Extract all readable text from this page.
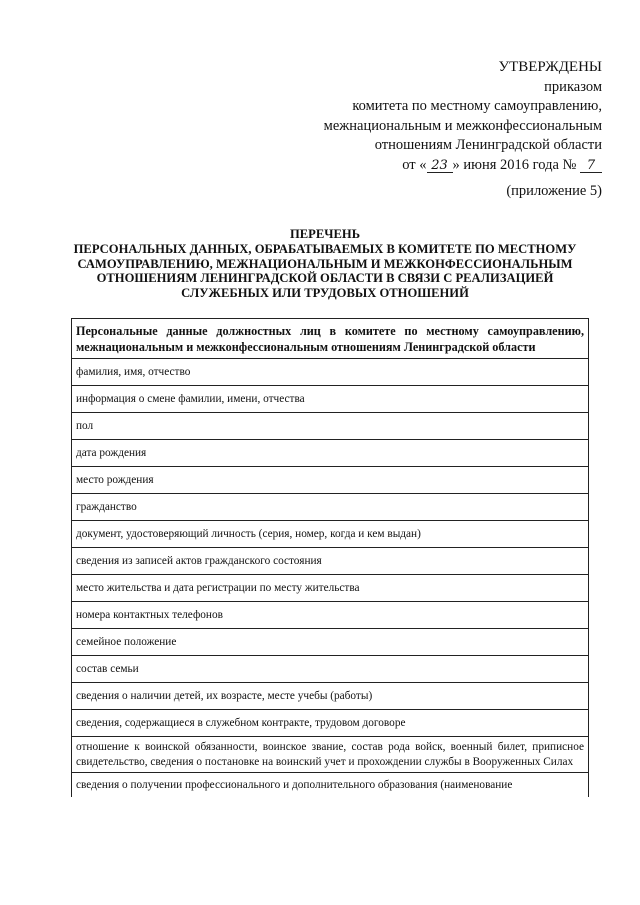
УТВЕРЖДЕНЫ
приказом
комитета по местному самоуправлению,
межнациональным и межконфессиональным
отношениям Ленинградской области
от « 23 » июня 2016 года № 7
(приложение 5)
ПЕРЕЧЕНЬ
ПЕРСОНАЛЬНЫХ ДАННЫХ, ОБРАБАТЫВАЕМЫХ В КОМИТЕТЕ ПО МЕСТНОМУ
САМОУПРАВЛЕНИЮ, МЕЖНАЦИОНАЛЬНЫМ И МЕЖКОНФЕССИОНАЛЬНЫМ
ОТНОШЕНИЯМ ЛЕНИНГРАДСКОЙ ОБЛАСТИ В СВЯЗИ С РЕАЛИЗАЦИЕЙ
СЛУЖЕБНЫХ ИЛИ ТРУДОВЫХ ОТНОШЕНИЙ
Персональные данные должностных лиц в комитете по местному самоуправлению, межнациональным и межконфессиональным отношениям Ленинградской области
фамилия, имя, отчество
информация о смене фамилии, имени, отчества
пол
дата рождения
место рождения
гражданство
документ, удостоверяющий личность (серия, номер, когда и кем выдан)
сведения из записей актов гражданского состояния
место жительства и дата регистрации по месту жительства
номера контактных телефонов
семейное положение
состав семьи
сведения о наличии детей, их возрасте, месте учебы (работы)
сведения, содержащиеся в служебном контракте, трудовом договоре
отношение к воинской обязанности, воинское звание, состав рода войск, военный билет, приписное свидетельство, сведения о постановке на воинский учет и прохождении службы в Вооруженных Силах
сведения о получении профессионального и дополнительного образования (наименование
